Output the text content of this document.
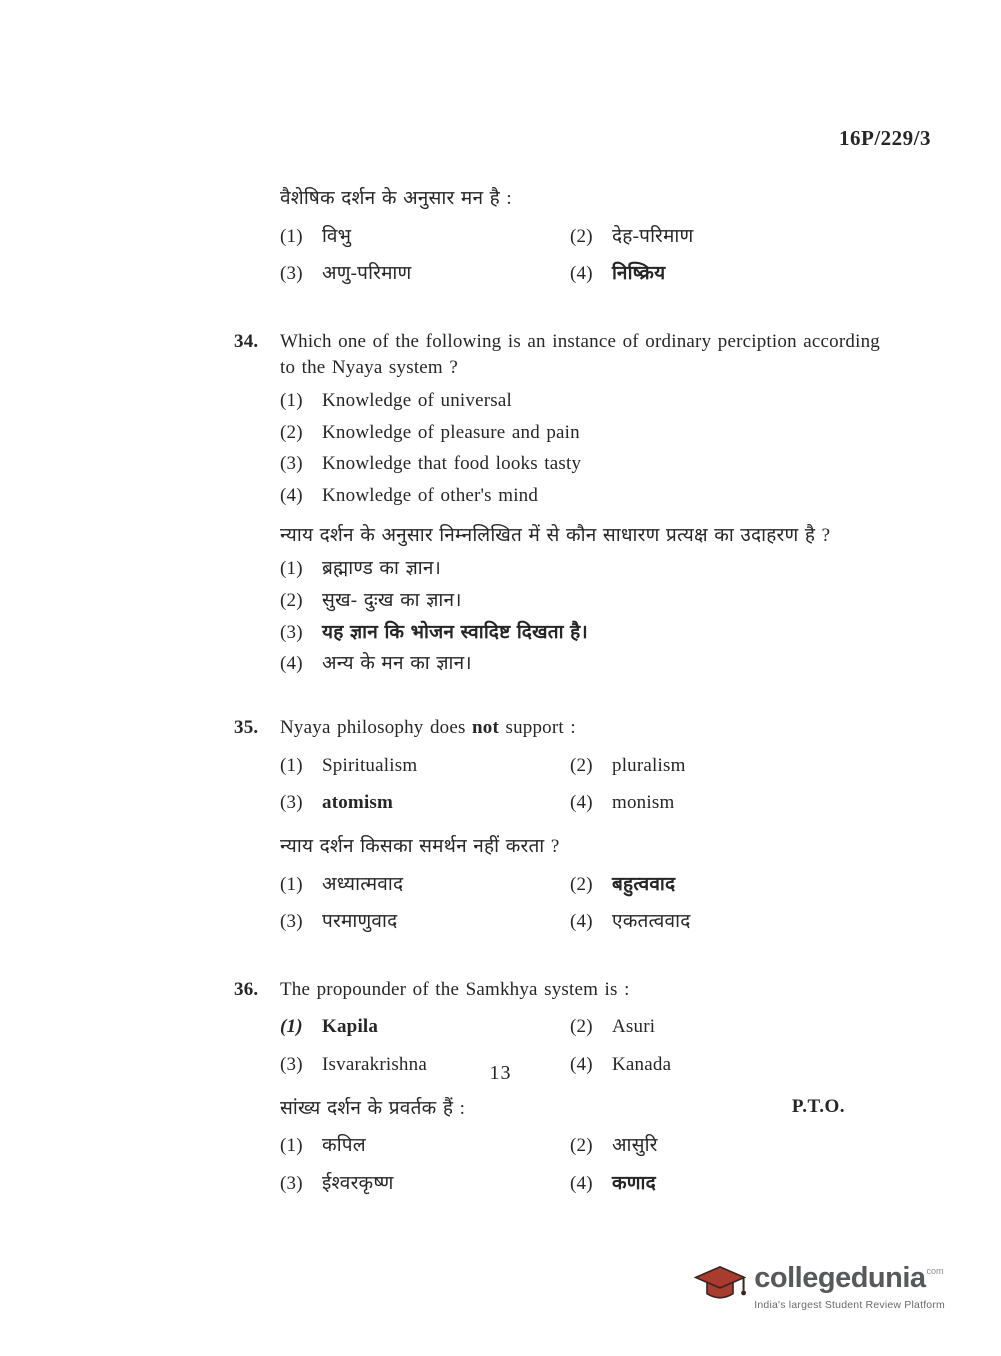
16P/229/3
वैशेषिक दर्शन के अनुसार मन है :
(1)	विभु	(2)	देह-परिमाण
(3)	अणु-परिमाण	(4)	निष्क्रिय
34. Which one of the following is an instance of ordinary perciption according to the Nyaya system ?
(1)	Knowledge of universal
(2)	Knowledge of pleasure and pain
(3)	Knowledge that food looks tasty
(4)	Knowledge of other's mind
न्याय दर्शन के अनुसार निम्नलिखित में से कौन साधारण प्रत्यक्ष का उदाहरण है ?
(1)	ब्रह्माण्ड का ज्ञान।
(2)	सुख- दुःख का ज्ञान।
(3)	यह ज्ञान कि भोजन स्वादिष्ट दिखता है।
(4)	अन्य के मन का ज्ञान।
35. Nyaya philosophy does not support :
(1)	Spiritualism	(2)	pluralism
(3)	atomism	(4)	monism
न्याय दर्शन किसका समर्थन नहीं करता ?
(1)	अध्यात्मवाद	(2)	बहुत्ववाद
(3)	परमाणुवाद	(4)	एकतत्ववाद
36. The propounder of the Samkhya system is :
(1)	Kapila	(2)	Asuri
(3)	Isvarakrishna	(4)	Kanada
सांख्य दर्शन के प्रवर्तक हैं :
(1)	कपिल	(2)	आसुरि
(3)	ईश्वरकृष्ण	(4)	कणाद
13
P.T.O.
collegedunia com
India's largest Student Review Platform
